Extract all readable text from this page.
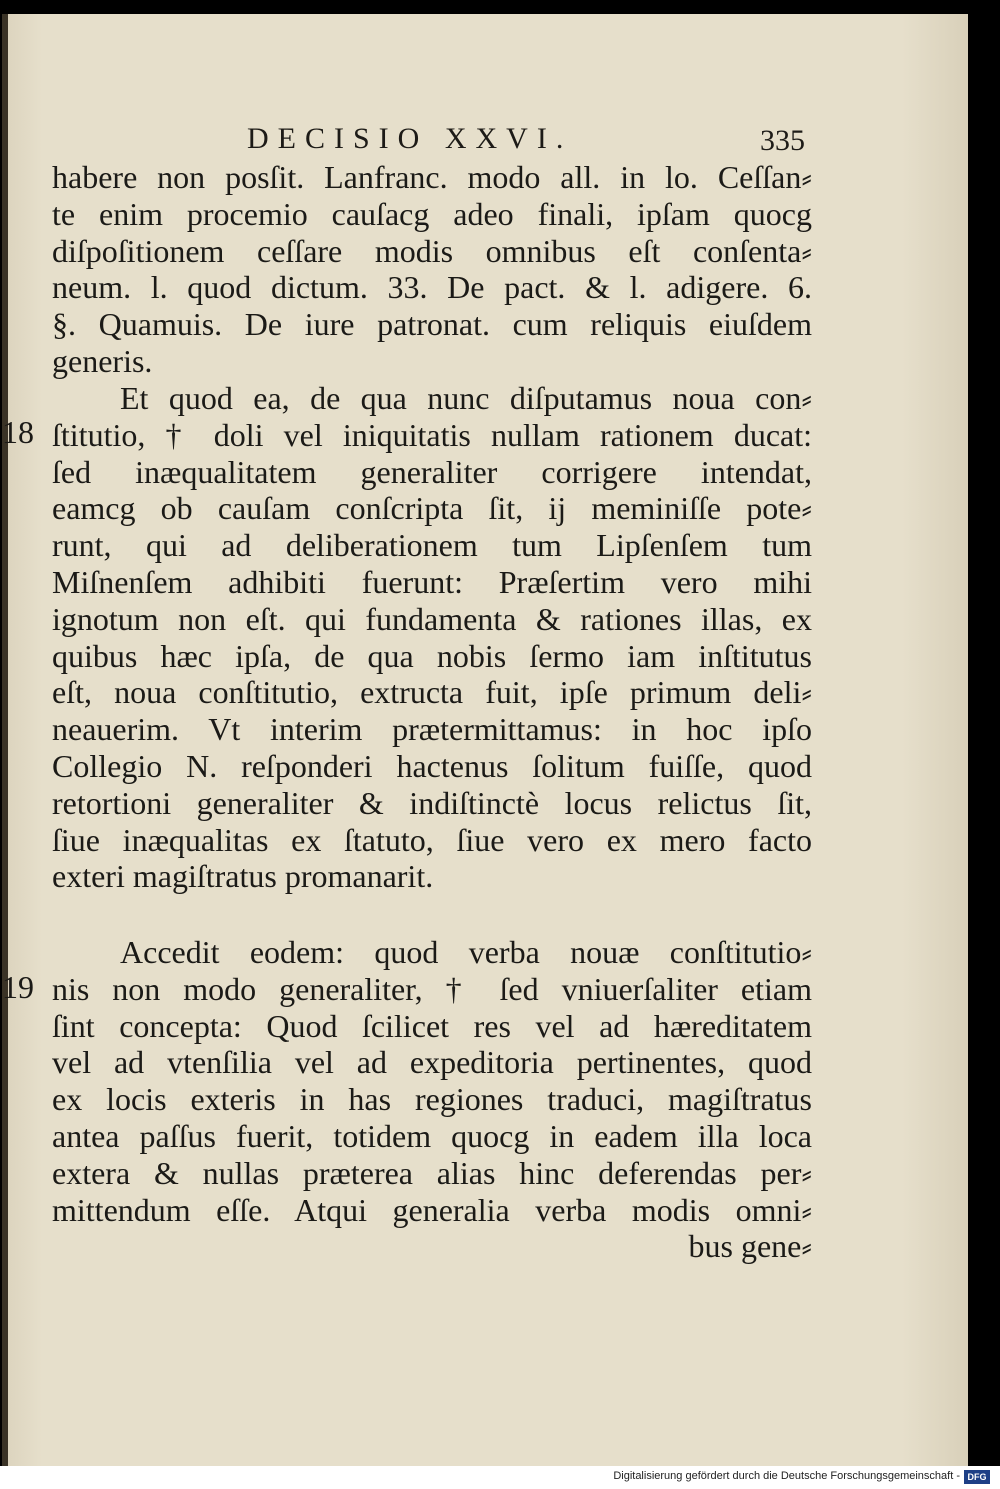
DECISIO XXVI.	335
habere non posſit. Lanfranc. modo all. in lo. Ceſſan⸗
te enim procemio cauſacg adeo finali, ipſam quocg
diſpoſitionem ceſſare modis omnibus eſt conſenta⸗
neum. l. quod dictum. 33. De pact. & l. adigere. 6.
§. Quamuis. De iure patronat. cum reliquis eiuſdem
generis.
18
Et quod ea, de qua nunc diſputamus noua con⸗
ſtitutio, † doli vel iniquitatis nullam rationem ducat:
ſed inæqualitatem generaliter corrigere intendat,
eamcg ob cauſam conſcripta ſit, ij meminiſſe pote⸗
runt, qui ad deliberationem tum Lipſenſem tum
Miſnenſem adhibiti fuerunt: Præſertim vero mihi
ignotum non eſt. qui fundamenta & rationes illas, ex
quibus hæc ipſa, de qua nobis ſermo iam inſtitutus
eſt, noua conſtitutio, extructa fuit, ipſe primum deli⸗
neauerim. Vt interim prætermittamus: in hoc ipſo
Collegio N. reſponderi hactenus ſolitum fuiſſe, quod
retortioni generaliter & indiſtinctè locus relictus ſit,
ſiue inæqualitas ex ſtatuto, ſiue vero ex mero facto
exteri magiſtratus promanarit.
19
Accedit eodem: quod verba nouæ conſtitutio⸗
nis non modo generaliter, † ſed vniuerſaliter etiam
ſint concepta: Quod ſcilicet res vel ad hæreditatem
vel ad vtenſilia vel ad expeditoria pertinentes, quod
ex locis exteris in has regiones traduci, magiſtratus
antea paſſus fuerit, totidem quocg in eadem illa loca
extera & nullas præterea alias hinc deferendas per⸗
mittendum eſſe. Atqui generalia verba modis omni⸗
bus gene⸗
Digitalisierung gefördert durch die Deutsche Forschungsgemeinschaft - DFG
